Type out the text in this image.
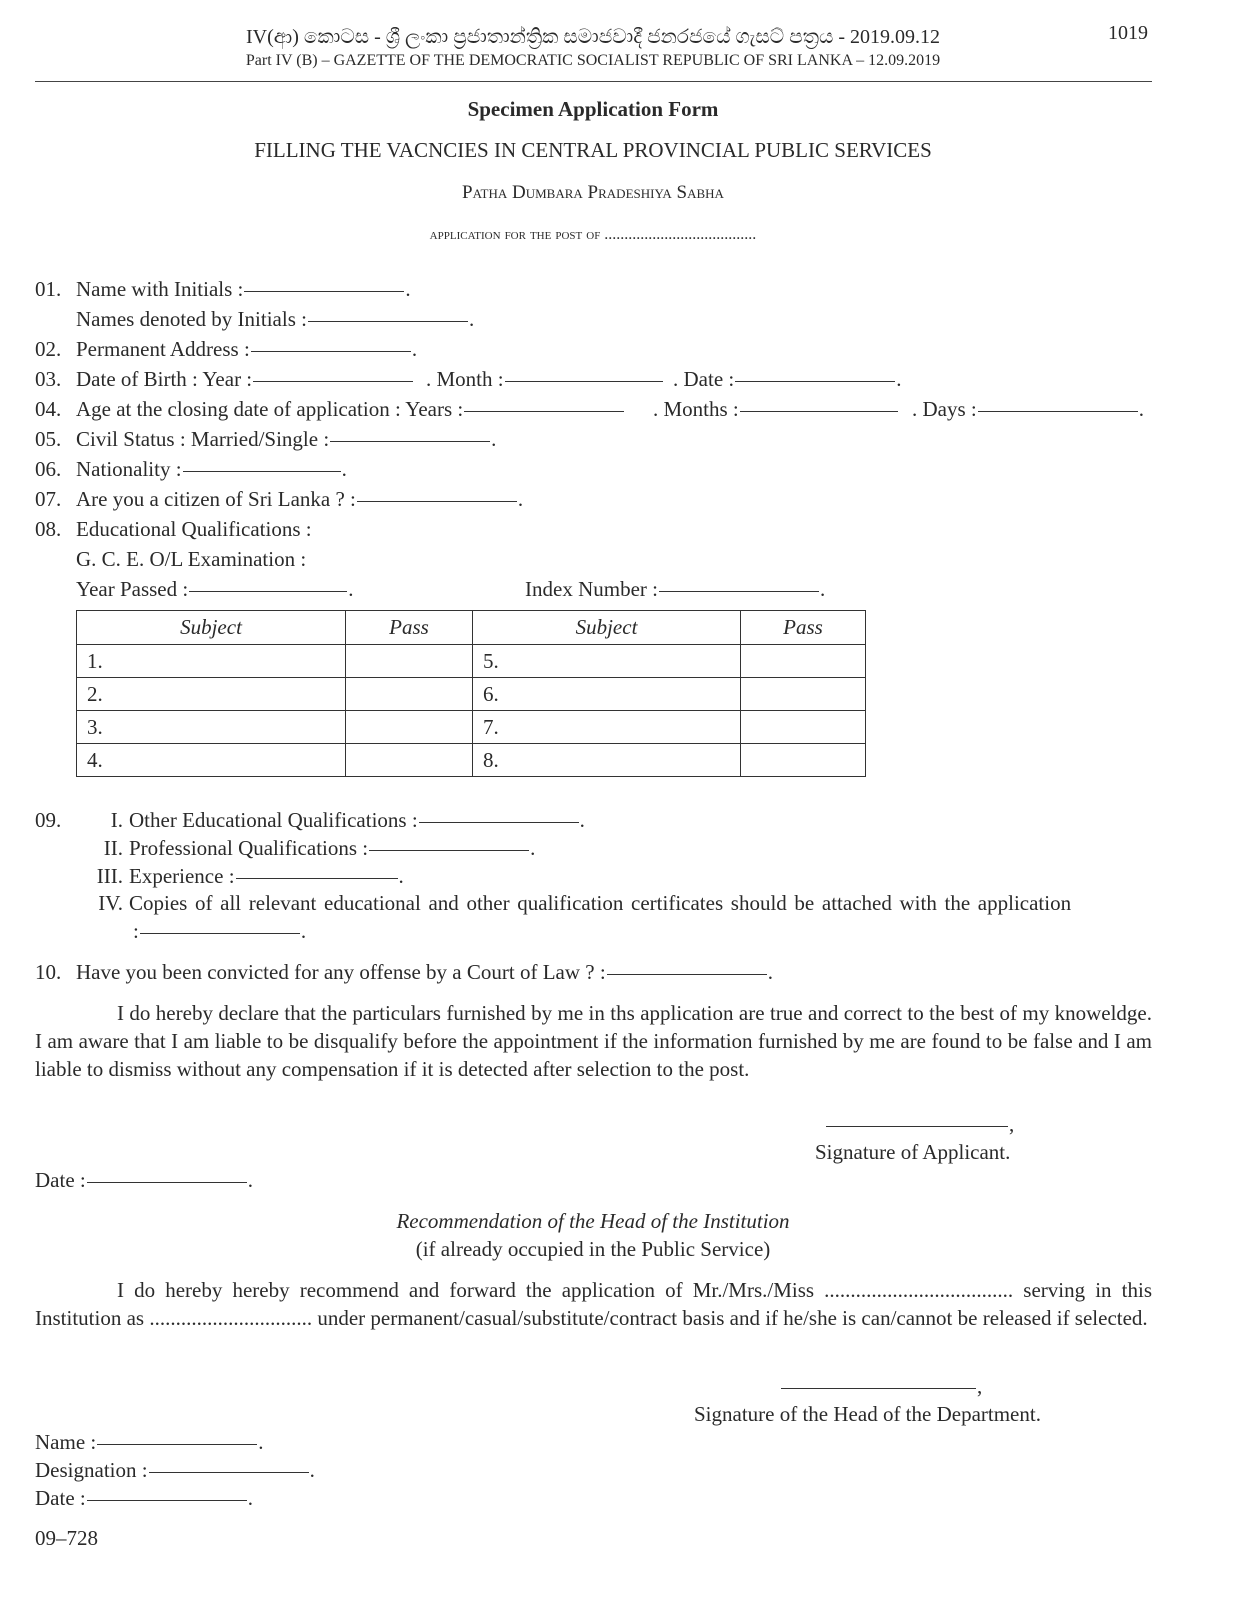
IV(ආ) කොටස - ශ්‍රී ලංකා ප්‍රජාතාන්ත්‍රික සමාජවාදී ජනරජයේ ගැසට් පත්‍රය - 2019.09.12
Part IV (B) – GAZETTE OF THE DEMOCRATIC SOCIALIST REPUBLIC OF SRI LANKA – 12.09.2019
1019
Specimen Application Form
FILLING THE VACNCIES IN CENTRAL PROVINCIAL PUBLIC SERVICES
Patha Dumbara Pradeshiya Sabha
application for the post of ......................................
01. Name with Initials :	.
Names denoted by Initials :	.
02. Permanent Address :	.
03. Date of Birth : Year :	. Month :	. Date :	.
04. Age at the closing date of application : Years :	. Months :	. Days :	.
05. Civil Status : Married/Single :	.
06. Nationality :	.
07. Are you a citizen of Sri Lanka ? :	.
08. Educational Qualifications :
G. C. E. O/L Examination :
Year Passed :	.	Index Number :	.
Subject	Pass	Subject	Pass
1.		5.	
2.		6.	
3.		7.	
4.		8.	
09.	I. Other Educational Qualifications :	.
II. Professional Qualifications :	.
III. Experience :	.
IV. Copies of all relevant educational and other qualification certificates should be attached with the application
:	.
10. Have you been convicted for any offense by a Court of Law ? :	.
I do hereby declare that the particulars furnished by me in ths application are true and correct to the best of my knoweldge. I am aware that I am liable to be disqualify before the appointment if the information furnished by me are found to be false and I am liable to dismiss without any compensation if it is detected after selection to the post.
,
Signature of Applicant.
Date :	.
Recommendation of the Head of the Institution
(if already occupied in the Public Service)
I do hereby hereby recommend and forward the application of Mr./Mrs./Miss .................................... serving in this Institution as ............................... under permanent/casual/substitute/contract basis and if he/she is can/cannot be released if selected.
,
Signature of the Head of the Department.
Name :	.
Designation :	.
Date :	.
09–728
